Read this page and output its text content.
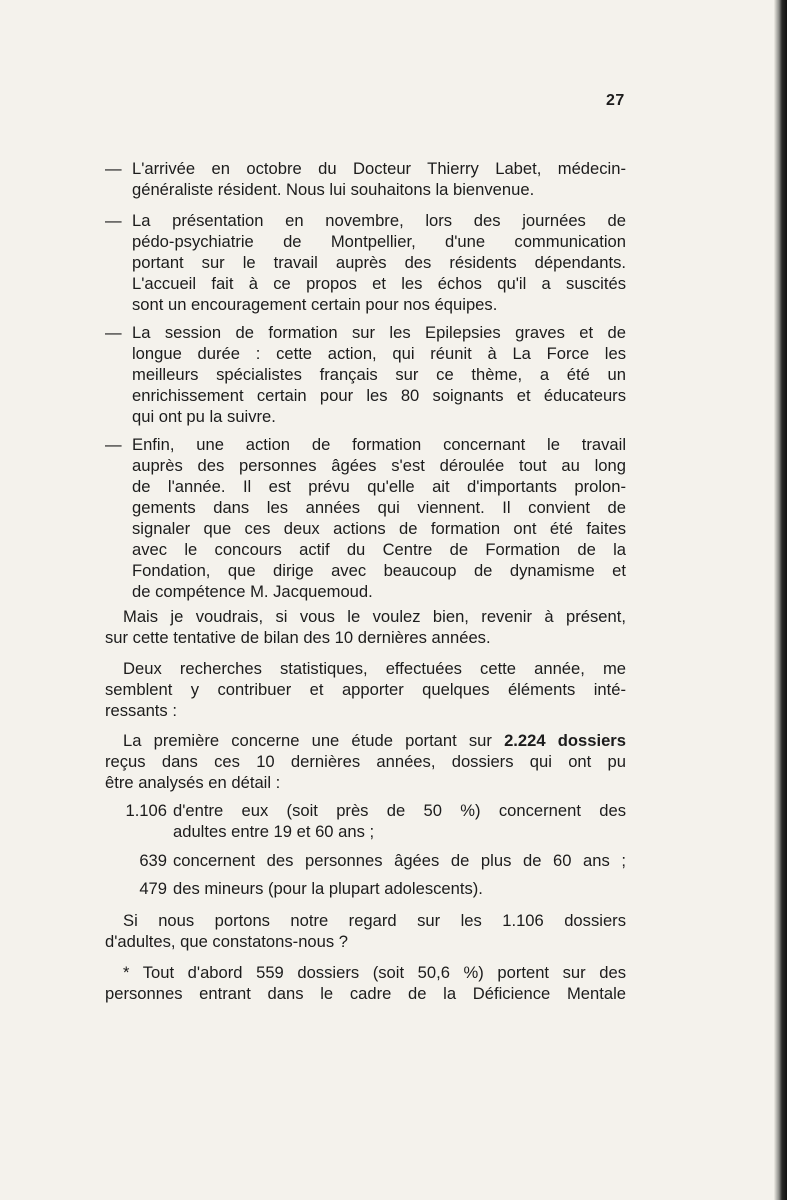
27
— L'arrivée en octobre du Docteur Thierry Labet, médecin-
généraliste résident. Nous lui souhaitons la bienvenue.
— La présentation en novembre, lors des journées de
pédo-psychiatrie de Montpellier, d'une communication
portant sur le travail auprès des résidents dépendants.
L'accueil fait à ce propos et les échos qu'il a suscités
sont un encouragement certain pour nos équipes.
— La session de formation sur les Epilepsies graves et de
longue durée : cette action, qui réunit à La Force les
meilleurs spécialistes français sur ce thème, a été un
enrichissement certain pour les 80 soignants et éducateurs
qui ont pu la suivre.
— Enfin, une action de formation concernant le travail
auprès des personnes âgées s'est déroulée tout au long
de l'année. Il est prévu qu'elle ait d'importants prolon-
gements dans les années qui viennent. Il convient de
signaler que ces deux actions de formation ont été faites
avec le concours actif du Centre de Formation de la
Fondation, que dirige avec beaucoup de dynamisme et
de compétence M. Jacquemoud.
Mais je voudrais, si vous le voulez bien, revenir à présent,
sur cette tentative de bilan des 10 dernières années.
Deux recherches statistiques, effectuées cette année, me
semblent y contribuer et apporter quelques éléments inté-
ressants :
La première concerne une étude portant sur 2.224 dossiers
reçus dans ces 10 dernières années, dossiers qui ont pu
être analysés en détail :
1.106 d'entre eux (soit près de 50 %) concernent des
adultes entre 19 et 60 ans ;
639 concernent des personnes âgées de plus de 60 ans ;
479 des mineurs (pour la plupart adolescents).
Si nous portons notre regard sur les 1.106 dossiers
d'adultes, que constatons-nous ?
* Tout d'abord 559 dossiers (soit 50,6 %) portent sur des
personnes entrant dans le cadre de la Déficience Mentale
